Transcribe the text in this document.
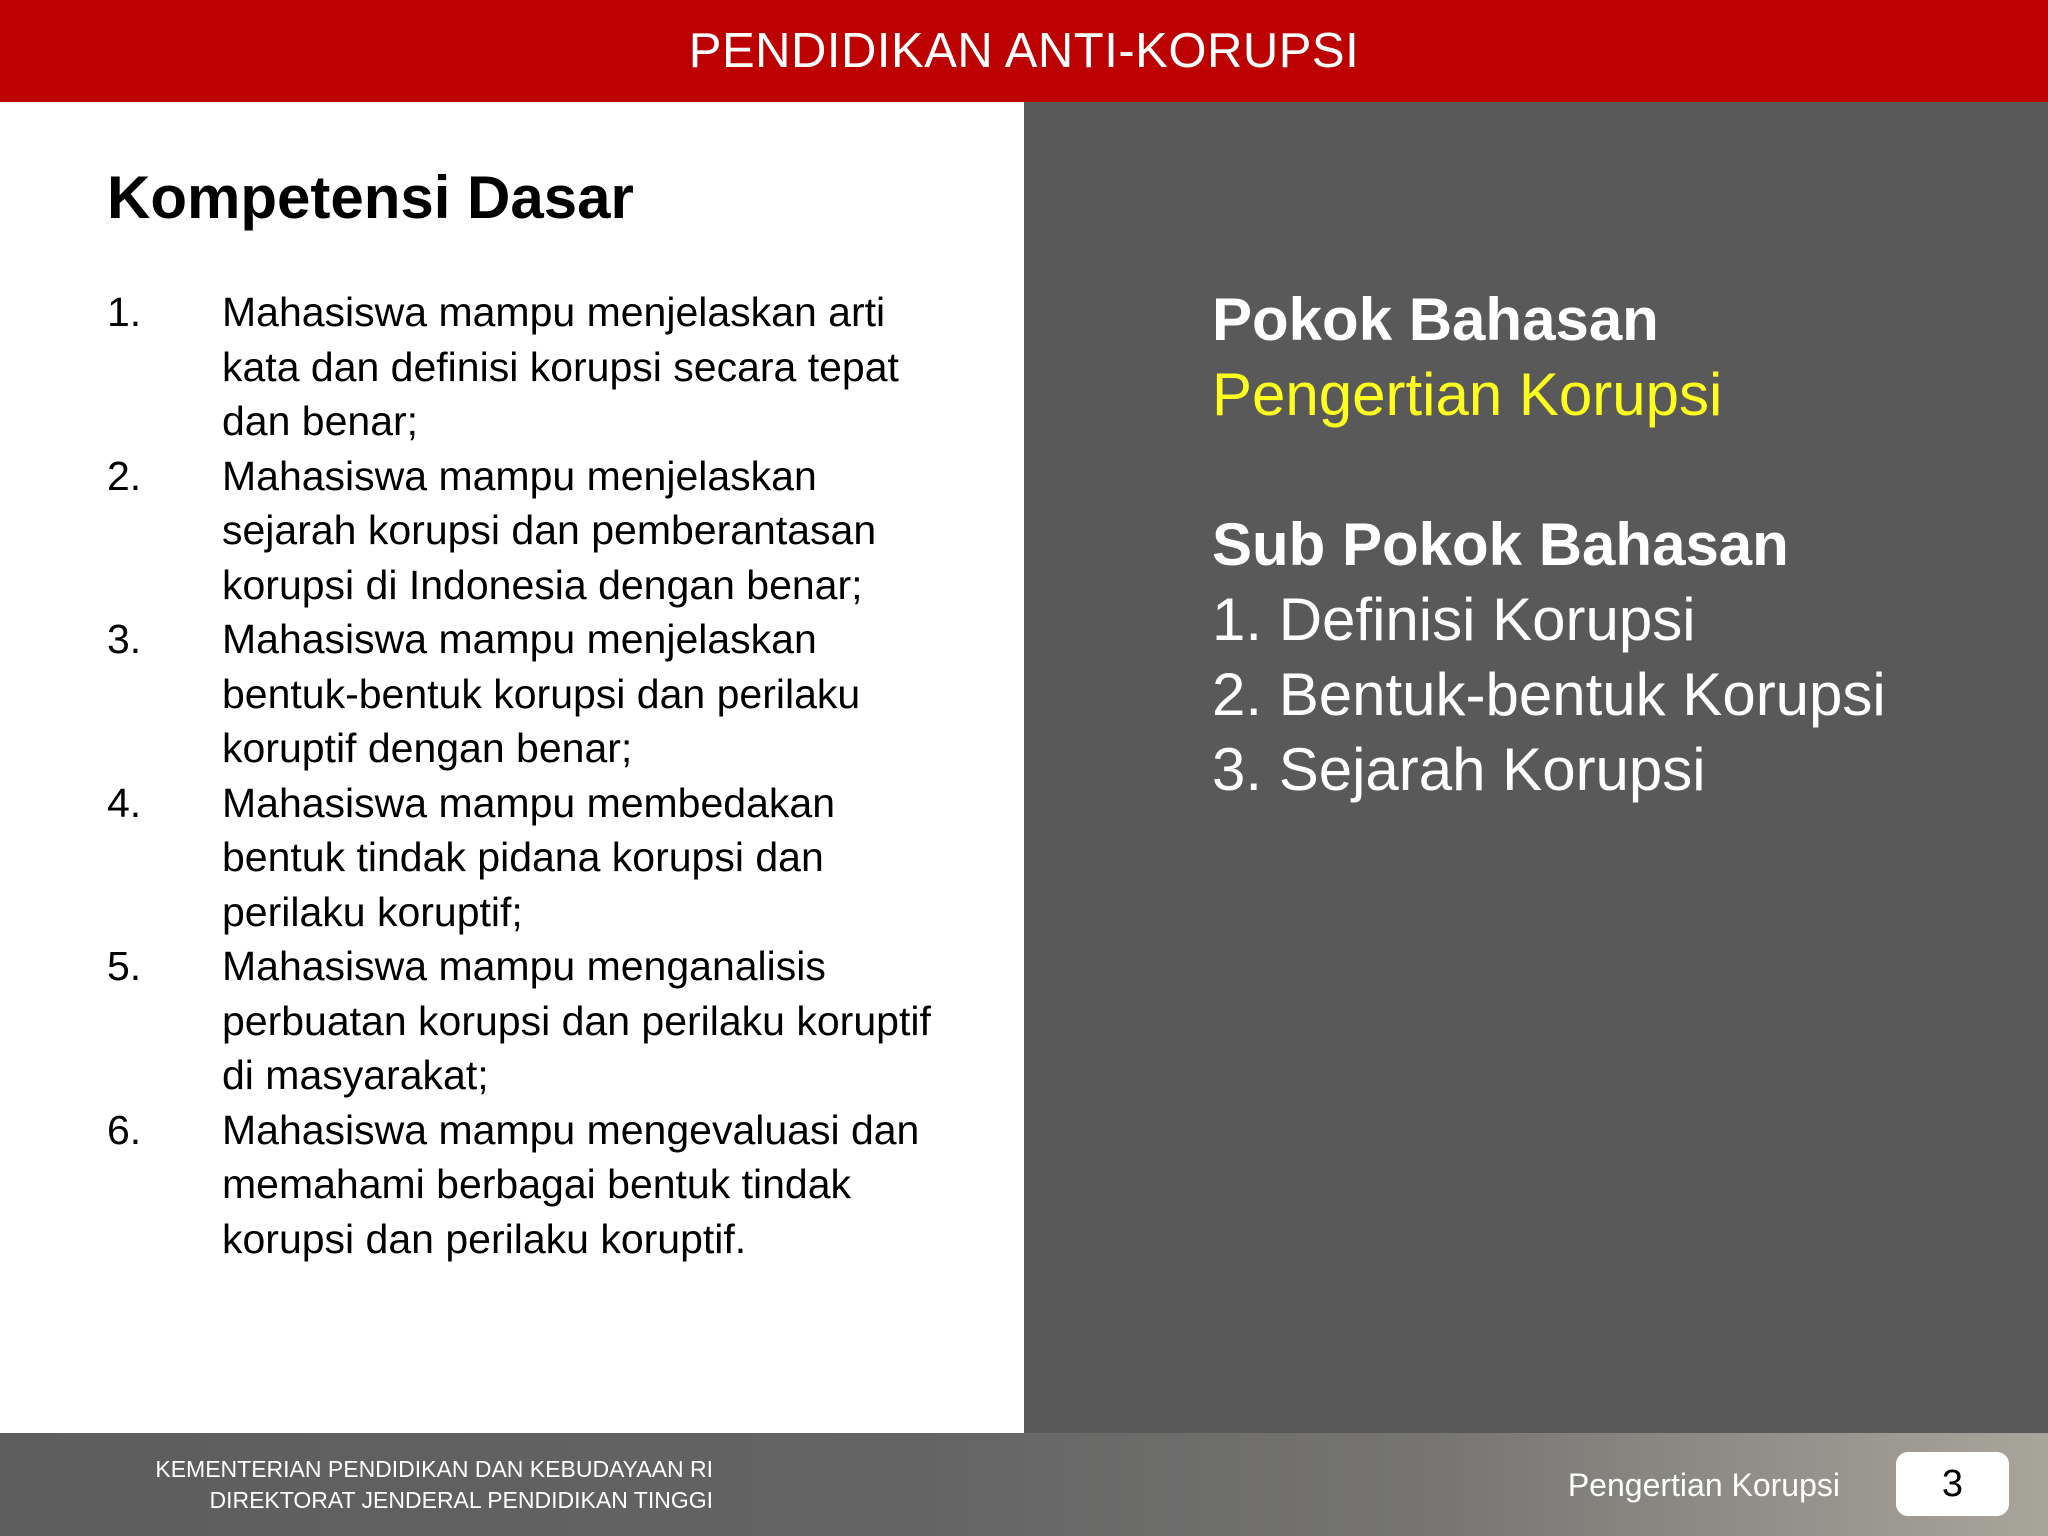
PENDIDIKAN ANTI-KORUPSI
Kompetensi Dasar
1.	Mahasiswa mampu menjelaskan arti kata dan definisi korupsi secara tepat dan benar;
2.	Mahasiswa mampu menjelaskan sejarah korupsi dan pemberantasan korupsi di Indonesia dengan benar;
3.	Mahasiswa mampu menjelaskan bentuk-bentuk korupsi dan perilaku koruptif dengan benar;
4.	Mahasiswa mampu membedakan bentuk tindak pidana korupsi dan perilaku koruptif;
5.	Mahasiswa mampu menganalisis perbuatan korupsi dan perilaku koruptif di masyarakat;
6.	Mahasiswa mampu mengevaluasi dan memahami berbagai bentuk tindak korupsi dan perilaku koruptif.

Pokok Bahasan

Pengertian Korupsi

Sub Pokok Bahasan

1. Definisi Korupsi
2. Bentuk-bentuk Korupsi
3. Sejarah Korupsi
KEMENTERIAN PENDIDIKAN DAN KEBUDAYAAN RI
DIREKTORAT JENDERAL PENDIDIKAN TINGGI	Pengertian Korupsi	3
